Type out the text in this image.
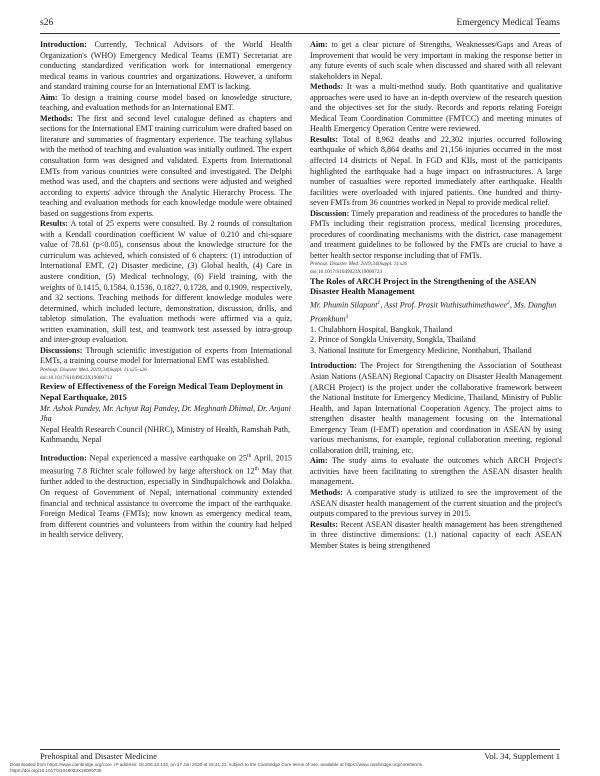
s26	Emergency Medical Teams

Introduction: Currently, Technical Advisors of the World Health Organization's (WHO) Emergency Medical Teams (EMT) Secretariat are conducting standardized verification work for international emergency medical teams in various countries and organizations. However, a uniform and standard training course for an International EMT is lacking.

Aim: To design a training course model based on knowledge structure, teaching, and evaluation methods for an International EMT.

Methods: The first and second level catalogue defined as chapters and sections for the International EMT training curriculum were drafted based on literature and summaries of fragmentary experience. The teaching syllabus with the method of teaching and evaluation was initially outlined. The expert consultation form was designed and validated. Experts from International EMTs from various countries were consulted and investigated. The Delphi method was used, and the chapters and sections were adjusted and weighed according to experts' advice through the Analytic Hierarchy Process. The teaching and evaluation methods for each knowledge module were obtained based on suggestions from experts.

Results: A total of 25 experts were consulted. By 2 rounds of consultation with a Kendall coordination coefficient W value of 0.210 and chi-square value of 78.61 (p<0.05), consensus about the knowledge structure for the curriculum was achieved, which consisted of 6 chapters: (1) introduction of International EMT, (2) Disaster medicine, (3) Global health, (4) Care in austere condition, (5) Medical technology, (6) Field training, with the weights of 0.1415, 0.1584, 0.1536, 0.1827, 0.1728, and 0.1909, respectively, and 32 sections. Teaching methods for different knowledge modules were determined, which included lecture, demonstration, discussion, drills, and tabletop simulation. The evaluation methods were affirmed via a quiz, written examination, skill test, and teamwork test assessed by intra-group and inter-group evaluation.

Discussions: Through scientific investigation of experts from International EMTs, a training course model for International EMT was established.

Prehosp. Disaster Med. 2019;34(Suppl. 1):s25–s26

doi:10.1017/S1049023X19000712

Review of Effectiveness of the Foreign Medical Team Deployment in Nepal Earthquake, 2015

Mr. Ashok Pandey, Mr. Achyut Raj Pandey, Dr. Meghnath Dhimal, Dr. Anjani Jha

Nepal Health Research Council (NHRC), Ministry of Health, Ramshah Path, Kathmandu, Nepal

Introduction: Nepal experienced a massive earthquake on 25th April, 2015 measuring 7.8 Richter scale followed by large aftershock on 12th May that further added to the destruction, especially in Sindhupalchowk and Dolakha. On request of Government of Nepal, international community extended financial and technical assistance to overcome the impact of the earthquake. Foreign Medical Teams (FMTs); now known as emergency medical team, from different countries and volunteers from within the country had helped in health service delivery.

Aim: to get a clear picture of Strengths, Weaknesses/Gaps and Areas of Improvement that would be very important in making the response better in any future events of such scale when discussed and shared with all relevant stakeholders in Nepal.

Methods: It was a multi-method study. Both quantitative and qualitative approaches were used to have an in-depth overview of the research question and the objectives set for the study. Records and reports relating Foreign Medical Team Coordination Committee (FMTCC) and meeting minutes of Health Emergency Operation Centre were reviewed.

Results: Total of 8,962 deaths and 22,302 injuries occurred following earthquake of which 8,864 deaths and 21,156 injuries occurred in the most affected 14 districts of Nepal. In FGD and KIIs, most of the participants highlighted the earthquake had a huge impact on infrastructures. A large number of casualties were reported immediately after earthquake. Health facilities were overloaded with injured patients. One hundred and thirty-seven FMTs from 36 countries worked in Nepal to provide medical relief.

Discussion: Timely preparation and readiness of the procedures to handle the FMTs including their registration process, medical licensing procedures, procedures of coordinating mechanisms with the district, case management and treatment guidelines to be followed by the FMTs are crucial to have a better health sector response including that of FMTs.

Prehosp. Disaster Med. 2019;34(Suppl. 1):s26

doi:10.1017/S1049023X19000724

The Roles of ARCH Project in the Strengthening of the ASEAN Disaster Health Management

Mr. Phumin Silapunt$^1$, Asst Prof. Prasit Wuthisuthimethawee$^2$, Ms. Dangfun Promkhum$^3$

1. Chulabhorn Hospital, Bangkok, Thailand

2. Prince of Songkla University, Songkla, Thailand

3. National Institute for Emergency Medicine, Nonthaburi, Thailand

Introduction: The Project for Strengthening the Association of Southeast Asian Nations (ASEAN) Regional Capacity on Disaster Health Management (ARCH Project) is the project under the collaborative framework between the National Institute for Emergency Medicine, Thailand, Ministry of Public Health, and Japan International Cooperation Agency. The project aims to strengthen disaster health management focusing on the International Emergency Team (I-EMT) operation and coordination in ASEAN by using various mechanisms, for example, regional collaboration meeting, regional collaboration drill, training, etc.

Aim: The study aims to evaluate the outcomes which ARCH Project's activities have been facilitating to strengthen the ASEAN disaster health management.

Methods: A comparative study is utilized to see the improvement of the ASEAN disaster health management of the current situation and the project's outputs compared to the previous survey in 2015.

Results: Recent ASEAN disaster health management has been strengthened in three distinctive dimensions: (1.) national capacity of each ASEAN Member States is being strengthened

Prehospital and Disaster Medicine	Vol. 34, Supplement 1
Downloaded from https://www.cambridge.org/core. IP address: 18.206.13.133, on 27 Jun 2020 at 15:41:21, subject to the Cambridge Core terms of use, available at https://www.cambridge.org/core/terms.
https://doi.org/10.1017/S1049023X19000735
